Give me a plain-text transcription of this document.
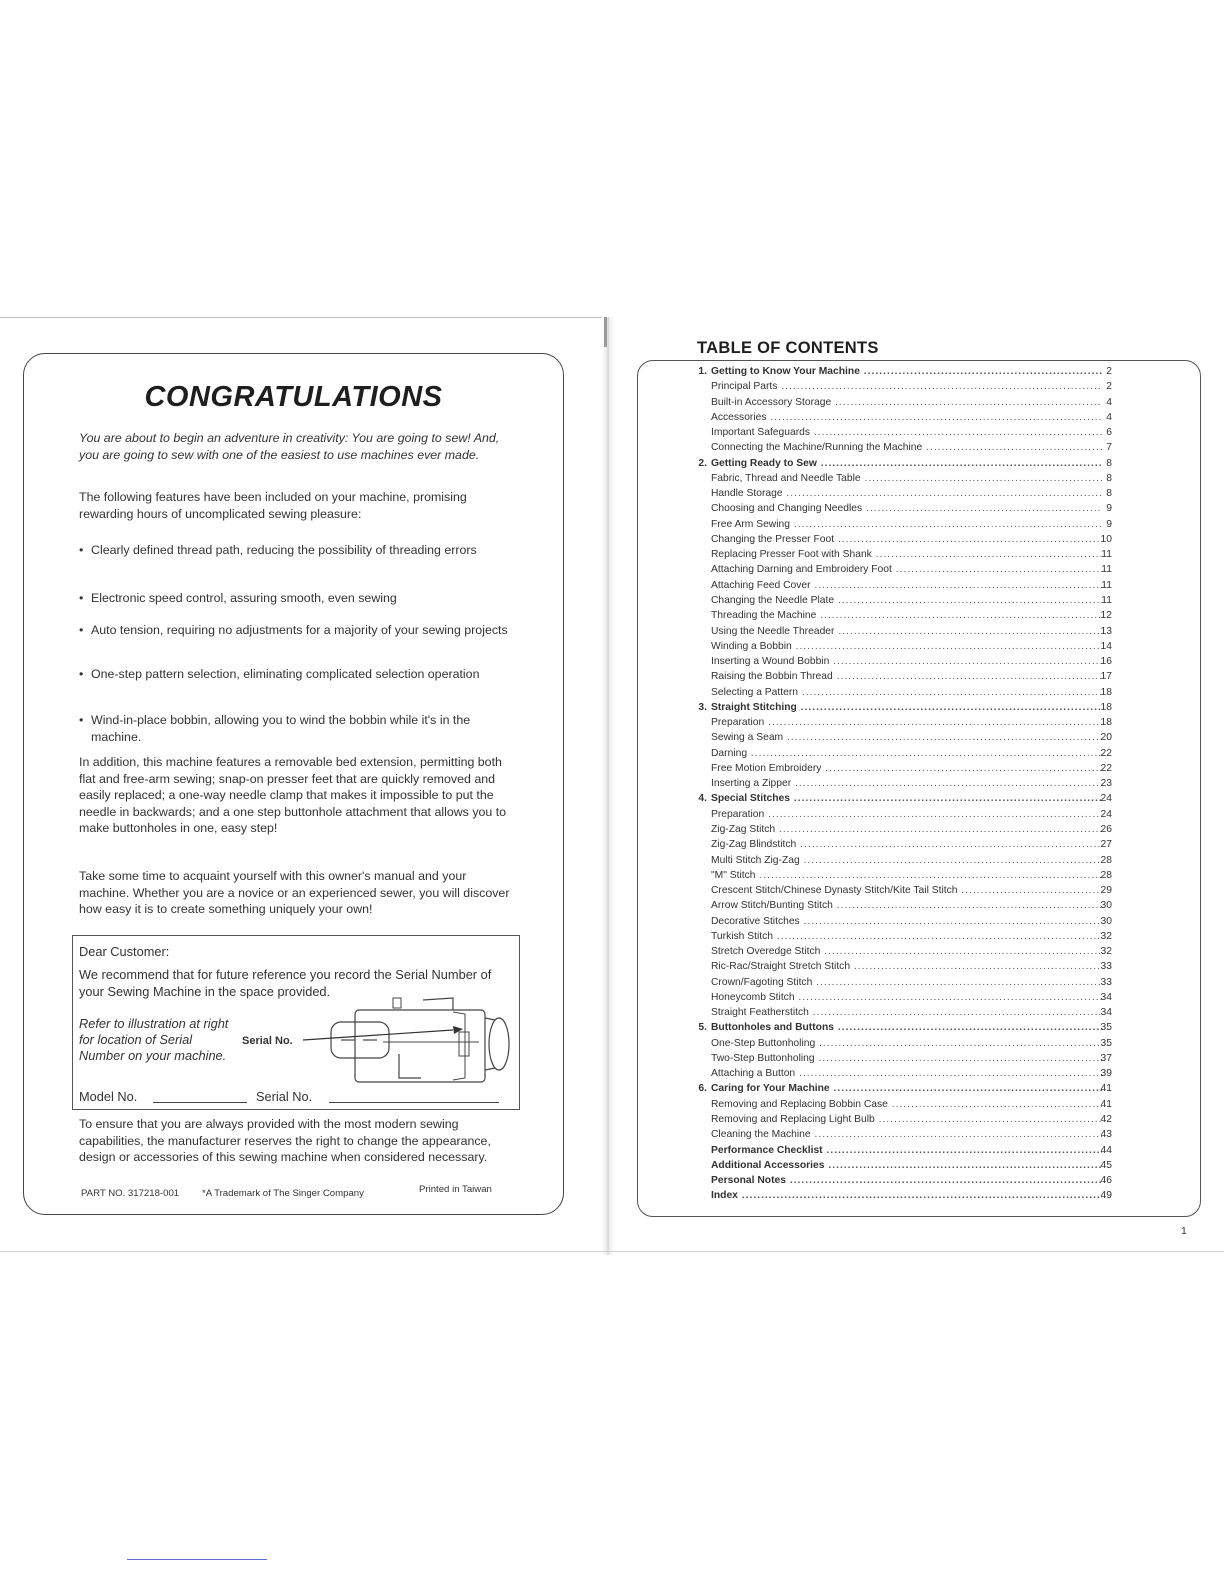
CONGRATULATIONS

You are about to begin an adventure in creativity: You are going to sew! And, you are going to sew with one of the easiest to use machines ever made.

The following features have been included on your machine, promising rewarding hours of uncomplicated sewing pleasure:

• Clearly defined thread path, reducing the possibility of threading errors

• Electronic speed control, assuring smooth, even sewing

• Auto tension, requiring no adjustments for a majority of your sewing projects

• One-step pattern selection, eliminating complicated selection operation

• Wind-in-place bobbin, allowing you to wind the bobbin while it's in the machine.

In addition, this machine features a removable bed extension, permitting both flat and free-arm sewing; snap-on presser feet that are quickly removed and easily replaced; a one-way needle clamp that makes it impossible to put the needle in backwards; and a one step buttonhole attachment that allows you to make buttonholes in one, easy step!

Take some time to acquaint yourself with this owner's manual and your machine. Whether you are a novice or an experienced sewer, you will discover how easy it is to create something uniquely your own!

Dear Customer:
We recommend that for future reference you record the Serial Number of your Sewing Machine in the space provided.
Refer to illustration at right for location of Serial Number on your machine.
Serial No.
Model No.	Serial No.

To ensure that you are always provided with the most modern sewing capabilities, the manufacturer reserves the right to change the appearance, design or accessories of this sewing machine when considered necessary.

PART NO. 317218-001 *A Trademark of The Singer Company	Printed in Taiwan
TABLE OF CONTENTS
1. Getting to Know Your Machine .....	2
Principal Parts .....	2
Built-in Accessory Storage .....	4
Accessories .....	4
Important Safeguards .....	6
Connecting the Machine/Running the Machine .....	7
2. Getting Ready to Sew .....	8
Fabric, Thread and Needle Table .....	8
Handle Storage .....	8
Choosing and Changing Needles .....	9
Free Arm Sewing .....	9
Changing the Presser Foot .....	10
Replacing Presser Foot with Shank .....	11
Attaching Darning and Embroidery Foot .....	11
Attaching Feed Cover .....	11
Changing the Needle Plate .....	11
Threading the Machine .....	12
Using the Needle Threader .....	13
Winding a Bobbin .....	14
Inserting a Wound Bobbin .....	16
Raising the Bobbin Thread .....	17
Selecting a Pattern .....	18
3. Straight Stitching .....	18
Preparation .....	18
Sewing a Seam .....	20
Darning .....	22
Free Motion Embroidery .....	22
Inserting a Zipper .....	23
4. Special Stitches .....	24
Preparation .....	24
Zig-Zag Stitch .....	26
Zig-Zag Blindstitch .....	27
Multi Stitch Zig-Zag .....	28
"M" Stitch .....	28
Crescent Stitch/Chinese Dynasty Stitch/Kite Tail Stitch .....	29
Arrow Stitch/Bunting Stitch .....	30
Decorative Stitches .....	30
Turkish Stitch .....	32
Stretch Overedge Stitch .....	32
Ric-Rac/Straight Stretch Stitch .....	33
Crown/Fagoting Stitch .....	33
Honeycomb Stitch .....	34
Straight Featherstitch .....	34
5. Buttonholes and Buttons .....	35
One-Step Buttonholing .....	35
Two-Step Buttonholing .....	37
Attaching a Button .....	39
6. Caring for Your Machine .....	41
Removing and Replacing Bobbin Case .....	41
Removing and Replacing Light Bulb .....	42
Cleaning the Machine .....	43
Performance Checklist .....	44
Additional Accessories .....	45
Personal Notes .....	46
Index .....	49
1
